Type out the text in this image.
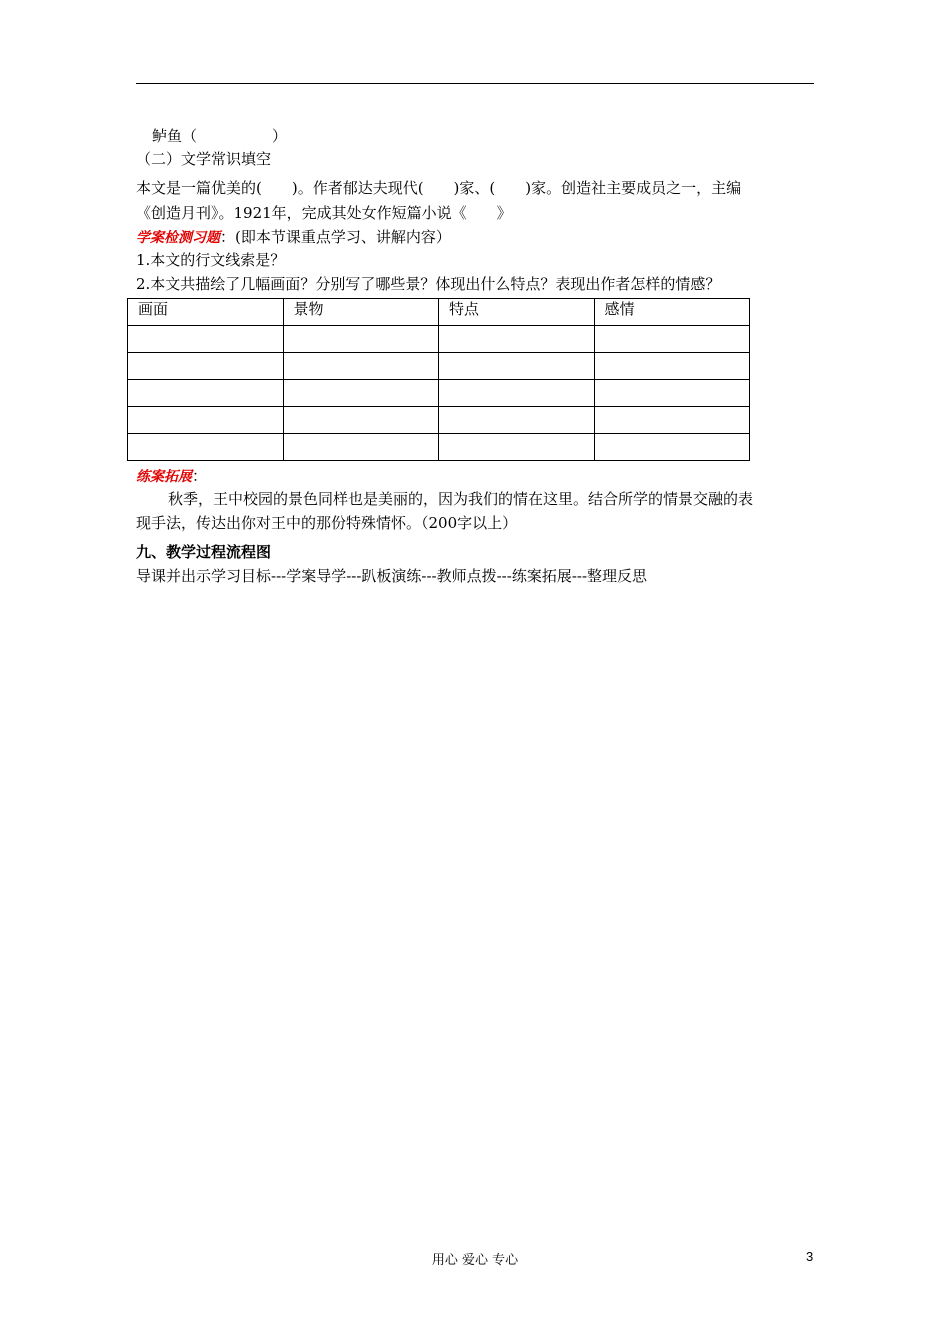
鲈鱼（　　　　　）
（二）文学常识填空
本文是一篇优美的(　　)。作者郁达夫现代(　　)家、(　　)家。创造社主要成员之一，主编
《创造月刊》。1921年，完成其处女作短篇小说《　　》
学案检测习题：(即本节课重点学习、讲解内容）
1.本文的行文线索是？
2.本文共描绘了几幅画面？分别写了哪些景？体现出什么特点？表现出作者怎样的情感？
画面	景物	特点	感情

练案拓展：
秋季，王中校园的景色同样也是美丽的，因为我们的情在这里。结合所学的情景交融的表
现手法，传达出你对王中的那份特殊情怀。（200字以上）
九、教学过程流程图
导课并出示学习目标---学案导学---趴板演练---教师点拨---练案拓展---整理反思
用心 爱心 专心	3
